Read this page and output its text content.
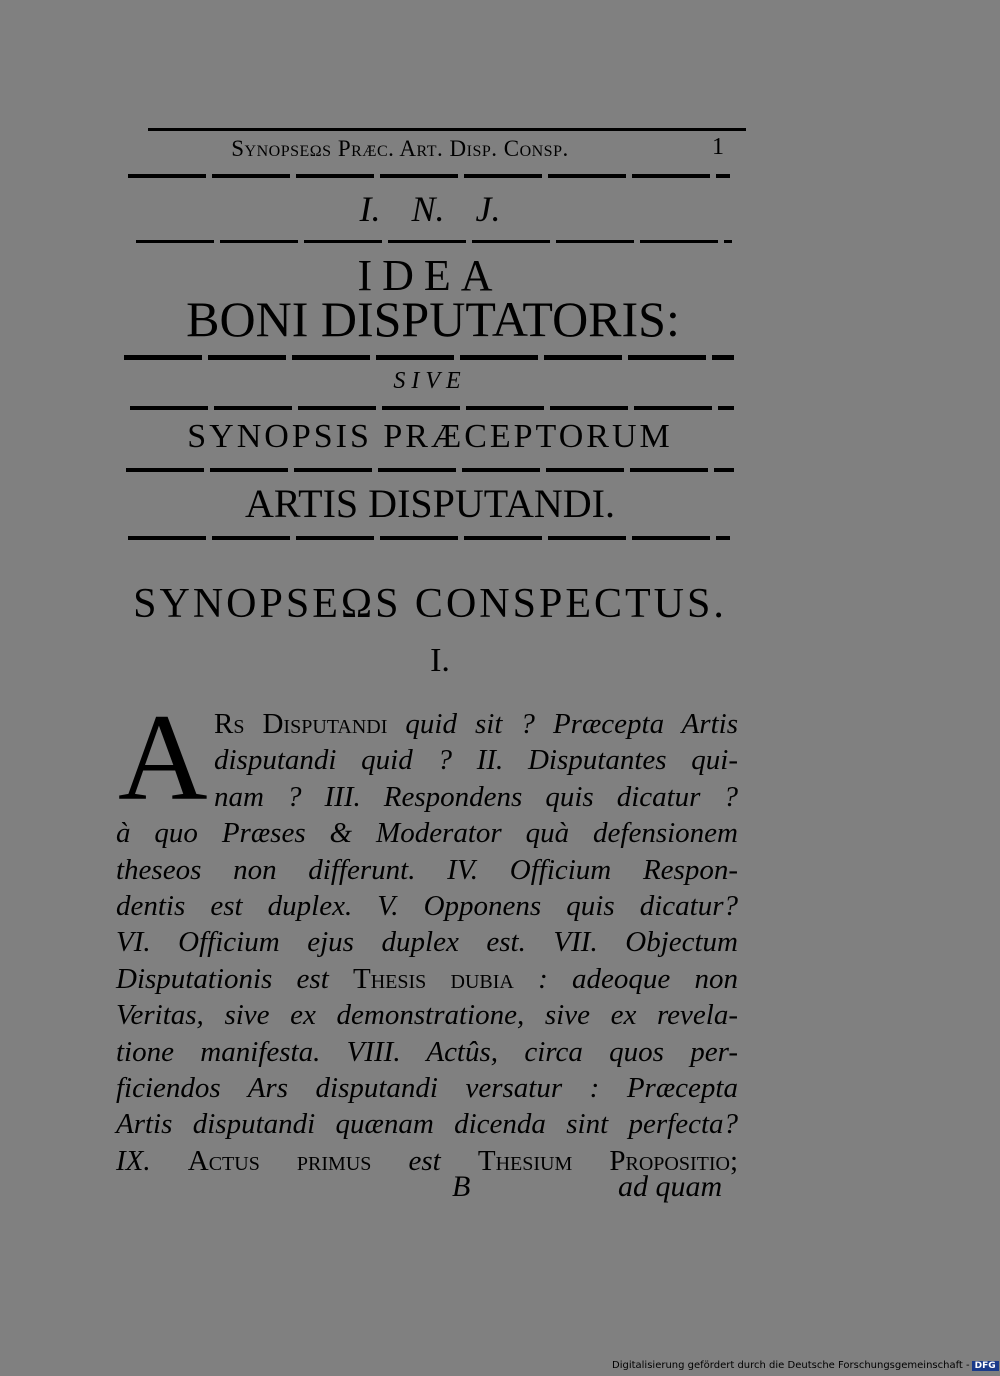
Synopseωs Præc. Art. Disp. Consp.	1
I. N. J.
IDEA
BONI DISPUTATORIS:
SIVE
SYNOPSIS PRÆCEPTORUM
ARTIS DISPUTANDI.
SYNOPSEΩS CONSPECTUS.
I.
A Rs Disputandi quid sit ? Præcepta Artis
disputandi quid ? II. Disputantes qui-
nam ? III. Respondens quis dicatur ?
à quo Præses & Moderator quà defensionem
theseos non differunt. IV. Officium Respon-
dentis est duplex. V. Opponens quis dicatur?
VI. Officium ejus duplex est. VII. Objectum
Disputationis est Thesis dubia : adeoque non
Veritas, sive ex demonstratione, sive ex revela-
tione manifesta. VIII. Actûs, circa quos per-
ficiendos Ars disputandi versatur : Præcepta
Artis disputandi quænam dicenda sint perfecta?
IX. Actus primus est Thesium Propositio;
B	ad quam
Digitalisierung gefördert durch die Deutsche Forschungsgemeinschaft - DFG
